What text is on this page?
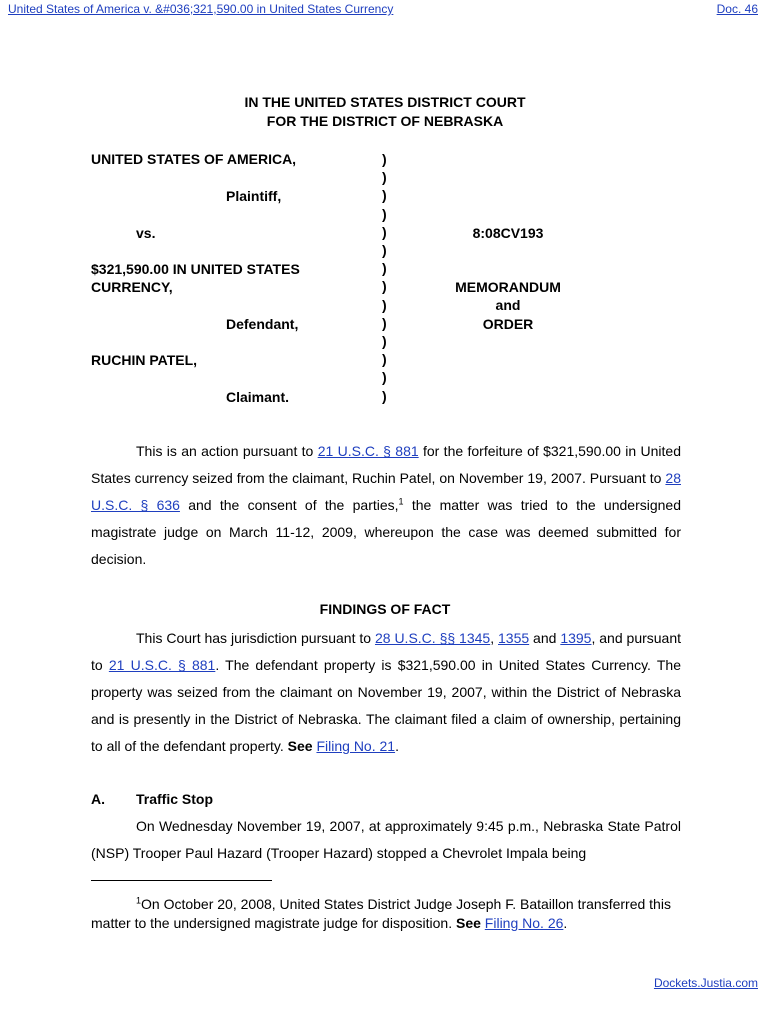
United States of America v. &#036;321,590.00 in United States Currency	Doc. 46
IN THE UNITED STATES DISTRICT COURT
FOR THE DISTRICT OF NEBRASKA
UNITED STATES OF AMERICA,
Plaintiff,
vs.
$321,590.00 IN UNITED STATES
CURRENCY,
Defendant,
RUCHIN PATEL,
Claimant.
)
)
)
)
)
)
)
)
)
)
)
)
)
)
8:08CV193
MEMORANDUM
and
ORDER
This is an action pursuant to 21 U.S.C. § 881 for the forfeiture of $321,590.00 in United States currency seized from the claimant, Ruchin Patel, on November 19, 2007. Pursuant to 28 U.S.C. § 636 and the consent of the parties,$^1$ the matter was tried to the undersigned magistrate judge on March 11-12, 2009, whereupon the case was deemed submitted for decision.
FINDINGS OF FACT
This Court has jurisdiction pursuant to 28 U.S.C. §§ 1345, 1355 and 1395, and pursuant to 21 U.S.C. § 881. The defendant property is $321,590.00 in United States Currency. The property was seized from the claimant on November 19, 2007, within the District of Nebraska and is presently in the District of Nebraska. The claimant filed a claim of ownership, pertaining to all of the defendant property. See Filing No. 21.
A. Traffic Stop
On Wednesday November 19, 2007, at approximately 9:45 p.m., Nebraska State Patrol (NSP) Trooper Paul Hazard (Trooper Hazard) stopped a Chevrolet Impala being
$^1$On October 20, 2008, United States District Judge Joseph F. Bataillon transferred this matter to the undersigned magistrate judge for disposition. See Filing No. 26.
Dockets.Justia.com
